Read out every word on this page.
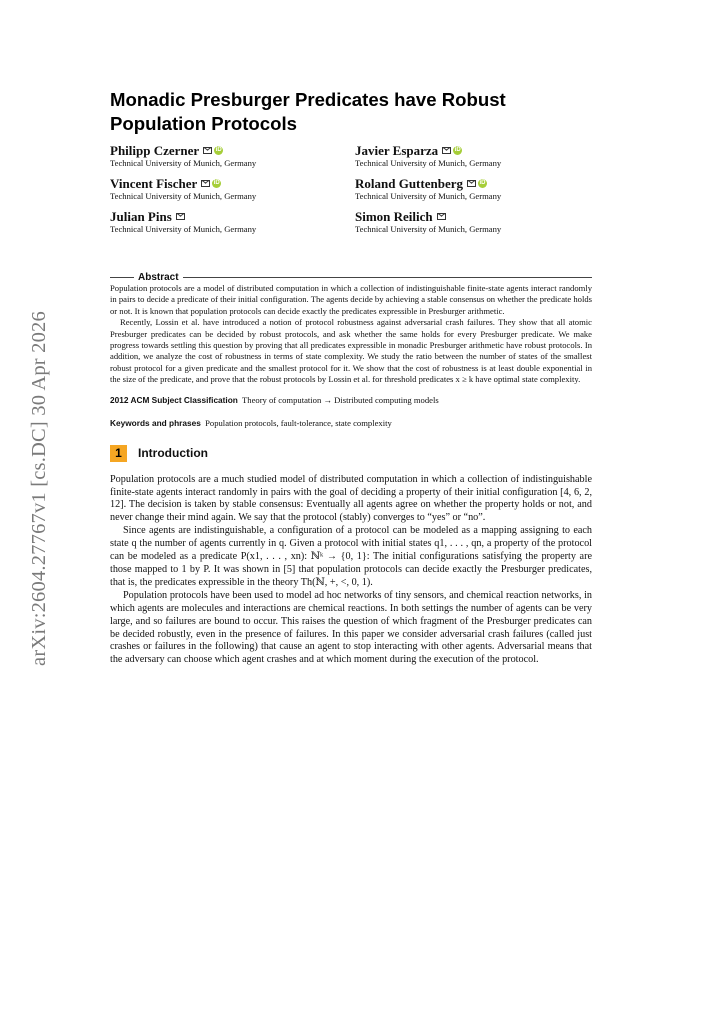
arXiv:2604.27767v1 [cs.DC] 30 Apr 2026
Monadic Presburger Predicates have Robust Population Protocols
Philipp Czerner	iD
Technical University of Munich, Germany
Javier Esparza	iD
Technical University of Munich, Germany
Vincent Fischer	iD
Technical University of Munich, Germany
Roland Guttenberg	iD
Technical University of Munich, Germany
Julian Pins
Technical University of Munich, Germany
Simon Reilich
Technical University of Munich, Germany
Abstract

Population protocols are a model of distributed computation in which a collection of indistinguishable finite-state agents interact randomly in pairs to decide a predicate of their initial configuration. The agents decide by achieving a stable consensus on whether the predicate holds or not. It is known that population protocols can decide exactly the predicates expressible in Presburger arithmetic.

Recently, Lossin et al. have introduced a notion of protocol robustness against adversarial crash failures. They show that all atomic Presburger predicates can be decided by robust protocols, and ask whether the same holds for every Presburger predicate. We make progress towards settling this question by proving that all predicates expressible in monadic Presburger arithmetic have robust protocols. In addition, we analyze the cost of robustness in terms of state complexity. We study the ratio between the number of states of the smallest robust protocol for a given predicate and the smallest protocol for it. We show that the cost of robustness is at least double exponential in the size of the predicate, and prove that the robust protocols by Lossin et al. for threshold predicates x ≥ k have optimal state complexity.

2012 ACM Subject Classification Theory of computation → Distributed computing models
Keywords and phrases Population protocols, fault-tolerance, state complexity
1	Introduction

Population protocols are a much studied model of distributed computation in which a collection of indistinguishable finite-state agents interact randomly in pairs with the goal of deciding a property of their initial configuration [4, 6, 2, 12]. The decision is taken by stable consensus: Eventually all agents agree on whether the property holds or not, and never change their mind again. We say that the protocol (stably) converges to “yes” or “no”.

Since agents are indistinguishable, a configuration of a protocol can be modeled as a mapping assigning to each state q the number of agents currently in q. Given a protocol with initial states q1, . . . , qn, a property of the protocol can be modeled as a predicate P(x1, . . . , xn): ℕᵏ → {0, 1}: The initial configurations satisfying the property are those mapped to 1 by P. It was shown in [5] that population protocols can decide exactly the Presburger predicates, that is, the predicates expressible in the theory Th(ℕ, +, <, 0, 1).

Population protocols have been used to model ad hoc networks of tiny sensors, and chemical reaction networks, in which agents are molecules and interactions are chemical reactions. In both settings the number of agents can be very large, and so failures are bound to occur. This raises the question of which fragment of the Presburger predicates can be decided robustly, even in the presence of failures. In this paper we consider adversarial crash failures (called just crashes or failures in the following) that cause an agent to stop interacting with other agents. Adversarial means that the adversary can choose which agent crashes and at which moment during the execution of the protocol.
